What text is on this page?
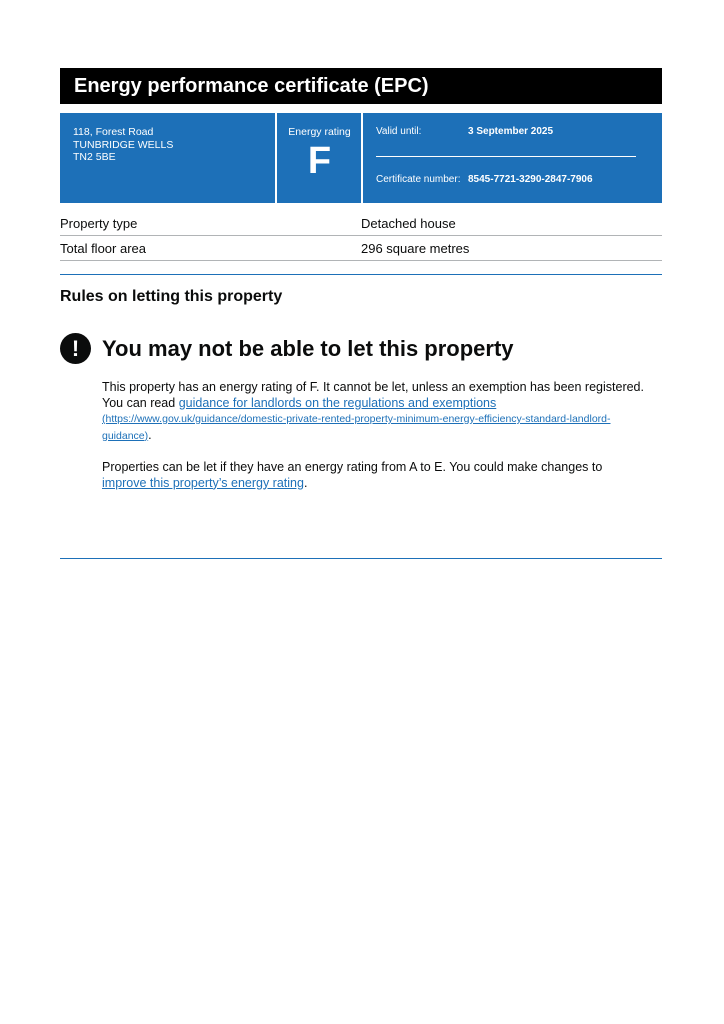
Energy performance certificate (EPC)
118, Forest Road
TUNBRIDGE WELLS
TN2 5BE
Energy rating
F
Valid until:	3 September 2025
Certificate number: 8545-7721-3290-2847-7906
Property type	Detached house
Total floor area	296 square metres
Rules on letting this property
!	You may not be able to let this property
This property has an energy rating of F. It cannot be let, unless an exemption has been registered. You can read guidance for landlords on the regulations and exemptions
(https://www.gov.uk/guidance/domestic-private-rented-property-minimum-energy-efficiency-standard-landlord-guidance).
Properties can be let if they have an energy rating from A to E. You could make changes to improve this property’s energy rating.
